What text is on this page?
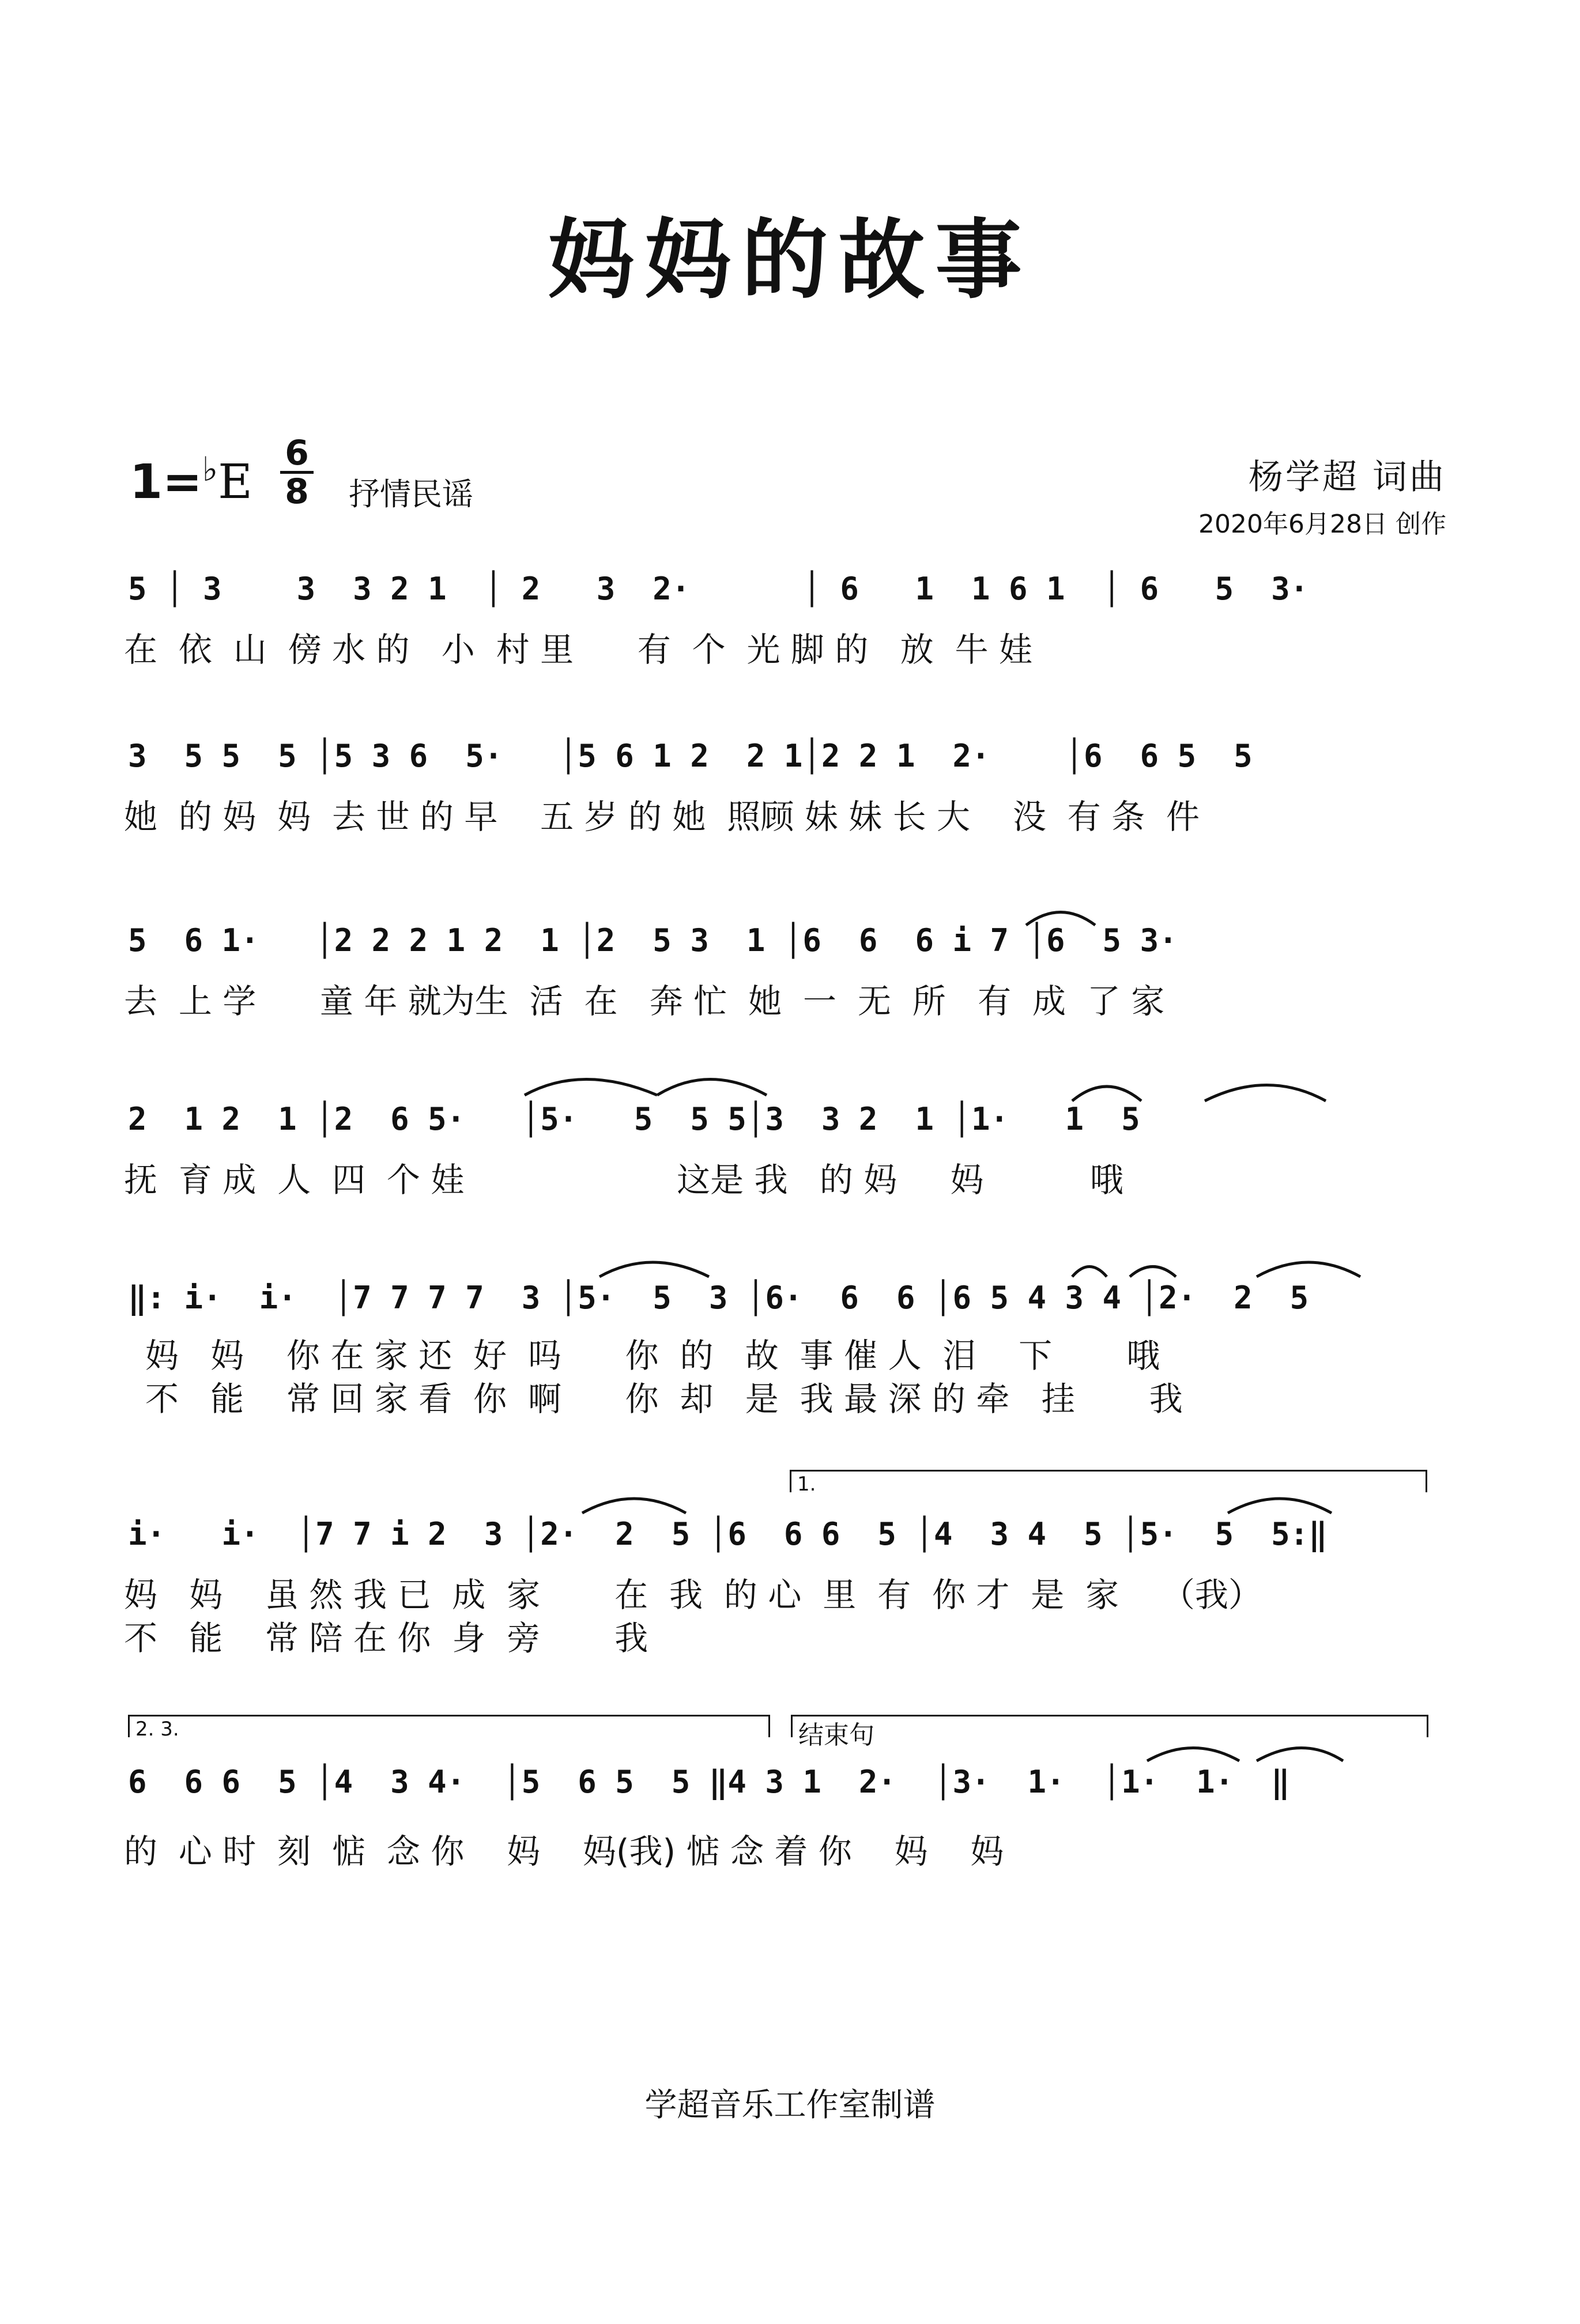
妈妈的故事
1=♭E
6
8 抒情民谣	杨学超 词曲
2020年6月28日 创作
5 │ 3    3  3 2 1  │ 2   3  2·      │ 6   1  1 6 1  │ 6   5  3·
在  依  山  傍 水 的   小  村 里      有  个  光 脚 的   放  牛 娃
3  5 5  5 │5 3 6  5·   │5 6 1 2  2 1│2 2 1  2·    │6  6 5  5
她  的 妈  妈  去 世 的 早    五 岁 的 她  照顾 妹 妹 长 大    没  有 条  件
5  6 1·   │2 2 2 1 2  1 │2  5 3  1 │6  6  6 i 7 │6  5 3·
去  上 学      童 年 就为生  活  在   奔 忙  她  一  无  所   有  成  了 家
2  1 2  1 │2  6 5·   │5·   5  5 5│3  3 2  1 │1·   1  5
抚  育 成  人  四  个 娃                    这是 我   的 妈     妈          哦
‖: i·  i·  │7 7 7 7  3 │5·  5  3 │6·  6  6 │6 5 4 3 4 │2·  2  5
妈   妈    你 在 家 还  好  吗      你  的   故  事 催 人  泪    下       哦
不   能    常 回 家 看  你  啊      你  却   是  我 最 深 的 牵   挂       我
1.
i·   i·  │7 7 i 2  3 │2·  2  5 │6  6 6  5 │4  3 4  5 │5·  5  5:‖
妈   妈    虽 然 我 已  成  家       在  我  的 心  里  有  你 才  是  家    （我）
不   能    常 陪 在 你  身  旁       我
2. 3.	结束句
6  6 6  5 │4  3 4·  │5  6 5  5 ‖4 3 1  2·  │3·  1·  │1·  1·  ‖
的  心 时  刻  惦  念 你    妈    妈(我) 惦 念 着 你    妈    妈
学超音乐工作室制谱
